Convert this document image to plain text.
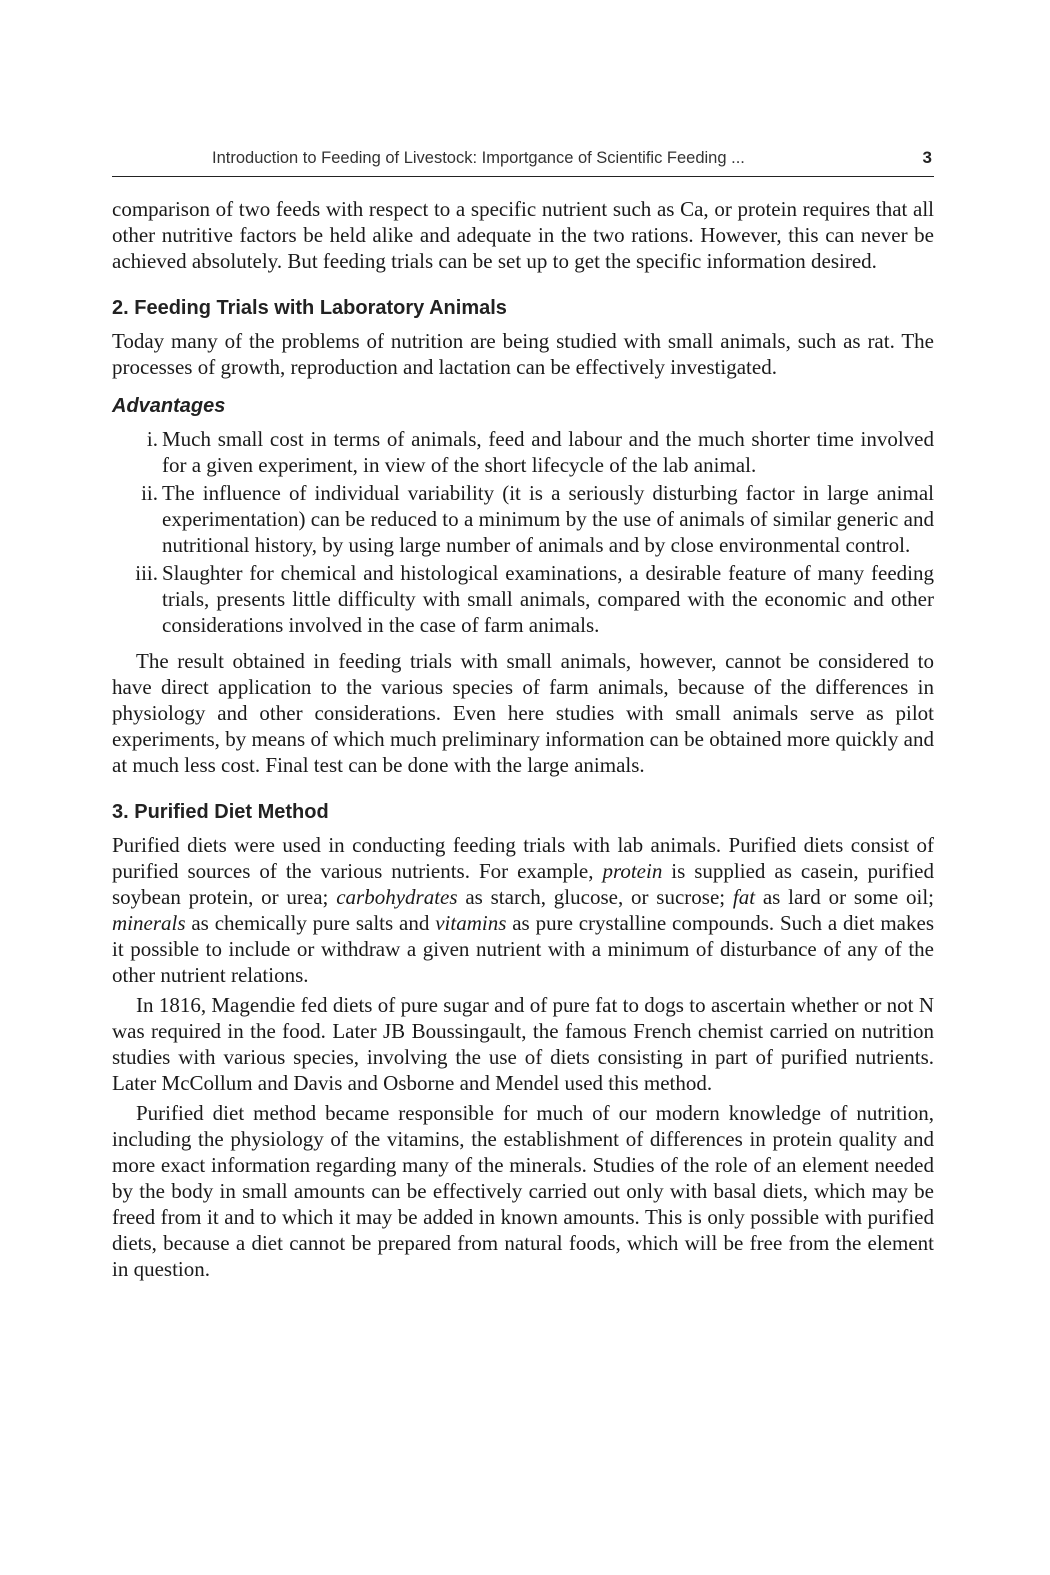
Introduction to Feeding of Livestock: Importgance of Scientific Feeding ...	3

comparison of two feeds with respect to a specific nutrient such as Ca, or protein requires that all other nutritive factors be held alike and adequate in the two rations. However, this can never be achieved absolutely. But feeding trials can be set up to get the specific information desired.

2. Feeding Trials with Laboratory Animals

Today many of the problems of nutrition are being studied with small animals, such as rat. The processes of growth, reproduction and lactation can be effectively investigated.

Advantages
i. Much small cost in terms of animals, feed and labour and the much shorter time involved for a given experiment, in view of the short lifecycle of the lab animal.
ii. The influence of individual variability (it is a seriously disturbing factor in large animal experimentation) can be reduced to a minimum by the use of animals of similar generic and nutritional history, by using large number of animals and by close environmental control.
iii. Slaughter for chemical and histological examinations, a desirable feature of many feeding trials, presents little difficulty with small animals, compared with the economic and other considerations involved in the case of farm animals.

The result obtained in feeding trials with small animals, however, cannot be considered to have direct application to the various species of farm animals, because of the differences in physiology and other considerations. Even here studies with small animals serve as pilot experiments, by means of which much preliminary information can be obtained more quickly and at much less cost. Final test can be done with the large animals.

3. Purified Diet Method

Purified diets were used in conducting feeding trials with lab animals. Purified diets consist of purified sources of the various nutrients. For example, protein is supplied as casein, purified soybean protein, or urea; carbohydrates as starch, glucose, or sucrose; fat as lard or some oil; minerals as chemically pure salts and vitamins as pure crystalline compounds. Such a diet makes it possible to include or withdraw a given nutrient with a minimum of disturbance of any of the other nutrient relations.

In 1816, Magendie fed diets of pure sugar and of pure fat to dogs to ascertain whether or not N was required in the food. Later JB Boussingault, the famous French chemist carried on nutrition studies with various species, involving the use of diets consisting in part of purified nutrients. Later McCollum and Davis and Osborne and Mendel used this method.

Purified diet method became responsible for much of our modern knowledge of nutrition, including the physiology of the vitamins, the establishment of differences in protein quality and more exact information regarding many of the minerals. Studies of the role of an element needed by the body in small amounts can be effectively carried out only with basal diets, which may be freed from it and to which it may be added in known amounts. This is only possible with purified diets, because a diet cannot be prepared from natural foods, which will be free from the element in question.
